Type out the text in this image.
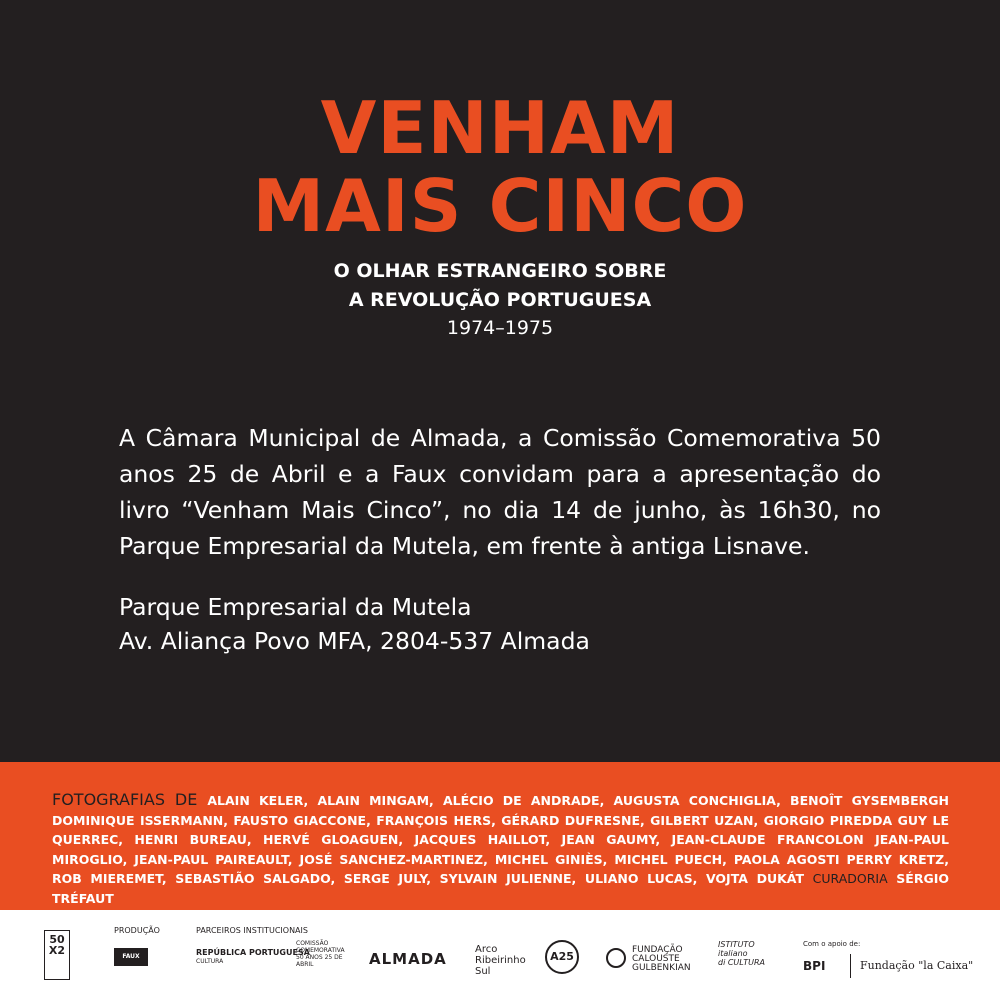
VENHAM
MAIS CINCO
O OLHAR ESTRANGEIRO SOBRE
A REVOLUÇÃO PORTUGUESA
1974–1975

A Câmara Municipal de Almada, a Comissão Comemorativa 50 anos 25 de Abril e a Faux convidam para a apresentação do livro “Venham Mais Cinco”, no dia 14 de junho, às 16h30, no Parque Empresarial da Mutela, em frente à antiga Lisnave.

Parque Empresarial da Mutela
Av. Aliança Povo MFA, 2804-537 Almada

FOTOGRAFIAS DE ALAIN KELER, ALAIN MINGAM, ALÉCIO DE ANDRADE, AUGUSTA CONCHIGLIA, BENOÎT GYSEMBERGH DOMINIQUE ISSERMANN, FAUSTO GIACCONE, FRANÇOIS HERS, GÉRARD DUFRESNE, GILBERT UZAN, GIORGIO PIREDDA GUY LE QUERREC, HENRI BUREAU, HERVÉ GLOAGUEN, JACQUES HAILLOT, JEAN GAUMY, JEAN-CLAUDE FRANCOLON JEAN-PAUL MIROGLIO, JEAN-PAUL PAIREAULT, JOSÉ SANCHEZ-MARTINEZ, MICHEL GINIÈS, MICHEL PUECH, PAOLA AGOSTI PERRY KRETZ, ROB MIEREMET, SEBASTIÃO SALGADO, SERGE JULY, SYLVAIN JULIENNE, ULIANO LUCAS, VOJTA DUKÁT CURADORIA SÉRGIO TRÉFAUT

50 X2
PRODUÇÃO
FAUX
PARCEIROS INSTITUCIONAIS
REPÚBLICA PORTUGUESA
CULTURA
COMISSÃO COMEMORATIVA 50 ANOS 25 DE ABRIL	ALMADA
Arco
Ribeirinho
Sul
A25	FUNDAÇÃO
CALOUSTE
GULBENKIAN
ISTITUTO
italiano
di CULTURA
Com o apoio de:
BPI	Fundação "la Caixa"
